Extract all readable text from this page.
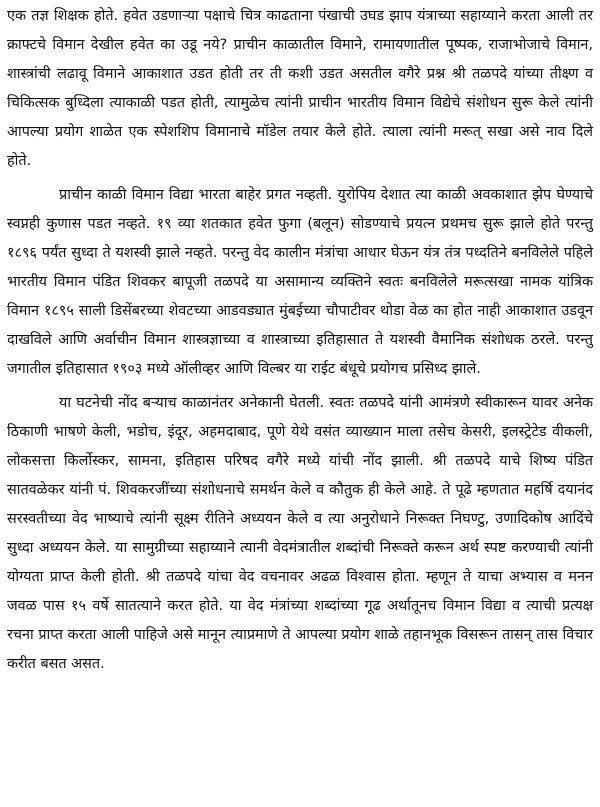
एक तज्ञ शिक्षक होते. हवेत उडणाऱ्या पक्षाचे चित्र काढताना पंखाची उघड झाप यंत्राच्या सहाय्याने करता आली तर क्राफ्टचे विमान देखील हवेत का उडू नये? प्राचीन काळातील विमाने, रामायणातील पूष्पक, राजाभोजाचे विमान, शास्त्रांची लढावू विमाने आकाशात उडत होती तर ती कशी उडत असतील वगैरे प्रश्न श्री तळपदे यांच्या तीक्ष्ण व चिकित्सक बुध्दिला त्याकाळी पडत होती, त्यामुळेच त्यांनी प्राचीन भारतीय विमान विद्येचे संशोधन सुरू केले त्यांनी आपल्या प्रयोग शाळेत एक स्पेशशिप विमानाचे मॉडेल तयार केले होते. त्याला त्यांनी मरूत् सखा असे नाव दिले होते.

प्राचीन काळी विमान विद्या भारता बाहेर प्रगत नव्हती. युरोपिय देशात त्या काळी अवकाशात झेप घेण्याचे स्वप्नही कुणास पडत नव्हते. १९ व्या शतकात हवेत फुगा (बलून) सोडण्याचे प्रयत्न प्रथमच सुरू झाले होते परन्तु १८९६ पर्यंत सुध्दा ते यशस्वी झाले नव्हते. परन्तु वेद कालीन मंत्रांचा आधार घेऊन यंत्र तंत्र पध्दतिने बनविलेले पहिले भारतीय विमान पंडित शिवकर बापूजी तळपदे या असामान्य व्यक्तिने स्वतः बनविलेले मरूत्सखा नामक यांत्रिक विमान १८९५ साली डिसेंबरच्या शेवटच्या आडवड्यात मुंबईच्या चौपाटीवर थोडा वेळ का होत नाही आकाशात उडवून दाखविले आणि अर्वाचीन विमान शास्त्रज्ञाच्या व शास्त्राच्या इतिहासात ते यशस्वी वैमानिक संशोधक ठरले. परन्तु जगातील इतिहासात १९०३ मध्ये ऑलीव्हर आणि विल्बर या राईट बंधूचे प्रयोगच प्रसिध्द झाले.

या घटनेची नोंद बऱ्याच काळानंतर अनेकानी घेतली. स्वतः तळपदे यांनी आमंत्रणे स्वीकारून यावर अनेक ठिकाणी भाषणे केली, भडोच, इंदूर, अहमदाबाद, पूणे येथे वसंत व्याख्यान माला तसेच केसरी, इलस्ट्रेटेड वीकली, लोकसत्ता किर्लोस्कर, सामना, इतिहास परिषद वगैरे मध्ये यांची नोंद झाली. श्री तळपदे याचे शिष्य पंडित सातवळेकर यांनी पं. शिवकरजींच्या संशोधनाचे समर्थन केले व कौतुक ही केले आहे. ते पूढे म्हणतात महर्षि दयानंद सरस्वतीच्या वेद भाष्याचे त्यांनी सूक्ष्म रीतिने अध्ययन केले व त्या अनुरोधाने निरूक्त निघण्टु, उणादिकोष आदिंचे सुध्दा अध्ययन केले. या सामुग्रीच्या सहाय्याने त्यानी वेदमंत्रातील शब्दांची निरूक्ते करून अर्थ स्पष्ट करण्याची त्यांनी योग्यता प्राप्त केली होती. श्री तळपदे यांचा वेद वचनावर अढळ विश्वास होता. म्हणून ते याचा अभ्यास व मनन जवळ पास १५ वर्षे सातत्याने करत होते. या वेद मंत्रांच्या शब्दांच्या गूढ अर्थातूनच विमान विद्या व त्याची प्रत्यक्ष रचना प्राप्त करता आली पाहिजे असे मानून त्याप्रमाणे ते आपल्या प्रयोग शाळे तहानभूक विसरून तासन् तास विचार करीत बसत असत.
